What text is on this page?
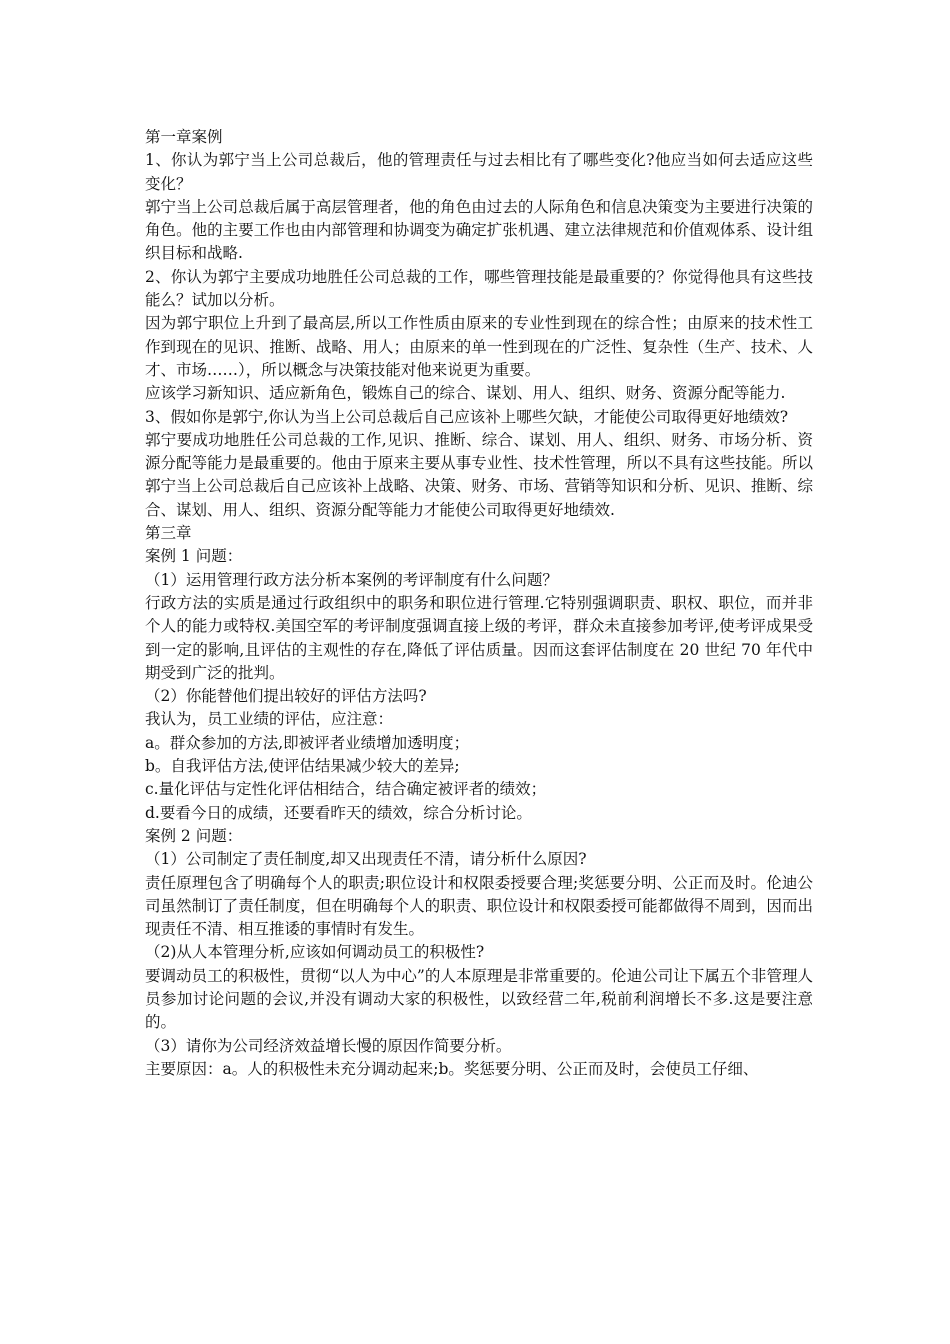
第一章案例

1、你认为郭宁当上公司总裁后，他的管理责任与过去相比有了哪些变化?他应当如何去适应这些变化？

郭宁当上公司总裁后属于高层管理者，他的角色由过去的人际角色和信息决策变为主要进行决策的角色。他的主要工作也由内部管理和协调变为确定扩张机遇、建立法律规范和价值观体系、设计组织目标和战略.

2、你认为郭宁主要成功地胜任公司总裁的工作，哪些管理技能是最重要的？你觉得他具有这些技能么？试加以分析。

因为郭宁职位上升到了最高层,所以工作性质由原来的专业性到现在的综合性；由原来的技术性工作到现在的见识、推断、战略、用人；由原来的单一性到现在的广泛性、复杂性（生产、技术、人才、市场……），所以概念与决策技能对他来说更为重要。

应该学习新知识、适应新角色，锻炼自己的综合、谋划、用人、组织、财务、资源分配等能力.

3、假如你是郭宁,你认为当上公司总裁后自己应该补上哪些欠缺，才能使公司取得更好地绩效?

郭宁要成功地胜任公司总裁的工作,见识、推断、综合、谋划、用人、组织、财务、市场分析、资源分配等能力是最重要的。他由于原来主要从事专业性、技术性管理，所以不具有这些技能。所以郭宁当上公司总裁后自己应该补上战略、决策、财务、市场、营销等知识和分析、见识、推断、综合、谋划、用人、组织、资源分配等能力才能使公司取得更好地绩效.

第三章

案例 1 问题：

（1）运用管理行政方法分析本案例的考评制度有什么问题？

行政方法的实质是通过行政组织中的职务和职位进行管理.它特别强调职责、职权、职位，而并非个人的能力或特权.美国空军的考评制度强调直接上级的考评，群众未直接参加考评,使考评成果受到一定的影响,且评估的主观性的存在,降低了评估质量。因而这套评估制度在 20 世纪 70 年代中期受到广泛的批判。

（2）你能替他们提出较好的评估方法吗?

我认为，员工业绩的评估，应注意：

a。群众参加的方法,即被评者业绩增加透明度；

b。自我评估方法,使评估结果减少较大的差异;

c.量化评估与定性化评估相结合，结合确定被评者的绩效；

d.要看今日的成绩，还要看昨天的绩效，综合分析讨论。

案例 2 问题：

（1）公司制定了责任制度,却又出现责任不清，请分析什么原因?

责任原理包含了明确每个人的职责;职位设计和权限委授要合理;奖惩要分明、公正而及时。伦迪公司虽然制订了责任制度，但在明确每个人的职责、职位设计和权限委授可能都做得不周到，因而出现责任不清、相互推诿的事情时有发生。

（2)从人本管理分析,应该如何调动员工的积极性?

要调动员工的积极性，贯彻“以人为中心”的人本原理是非常重要的。伦迪公司让下属五个非管理人员参加讨论问题的会议,并没有调动大家的积极性，以致经营二年,税前利润增长不多.这是要注意的。

（3）请你为公司经济效益增长慢的原因作简要分析。

主要原因：a。人的积极性未充分调动起来;b。奖惩要分明、公正而及时，会使员工仔细、
